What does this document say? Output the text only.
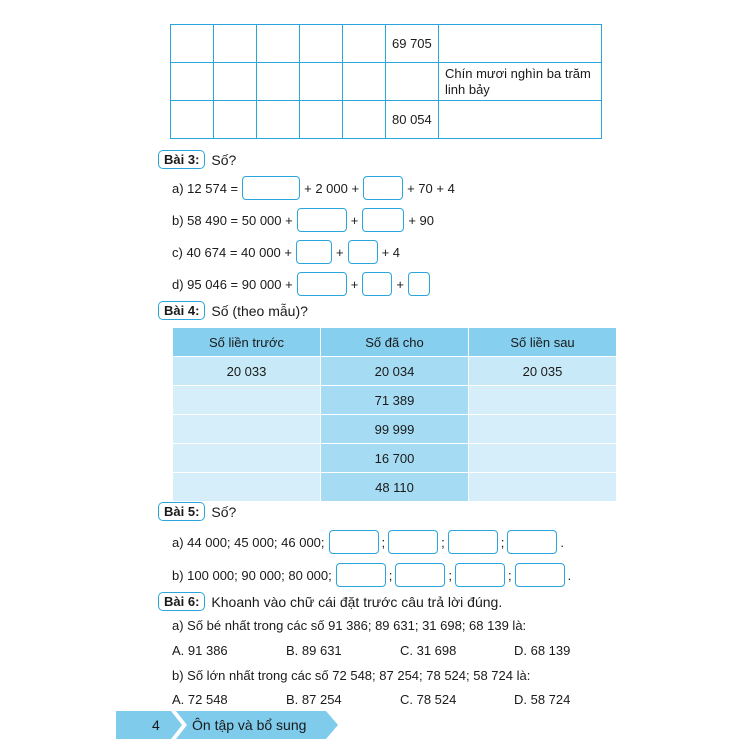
					69 705	
						Chín mươi nghìn ba trăm linh bảy
					80 054	
Bài 3: Số?
a) 12 574 =	+ 2 000 +	+ 70 + 4
b) 58 490 = 50 000 +	+	+ 90
c) 40 674 = 40 000 +	+	+ 4
d) 95 046 = 90 000 +	+	+
Bài 4: Số (theo mẫu)?
Số liền trước	Số đã cho	Số liền sau
20 033	20 034	20 035
	71 389	
	99 999	
	16 700	
	48 110	
Bài 5: Số?
a) 44 000; 45 000; 46 000;	;	;	;	.
b) 100 000; 90 000; 80 000;	;	;	;	.
Bài 6: Khoanh vào chữ cái đặt trước câu trả lời đúng.
a) Số bé nhất trong các số 91 386; 89 631; 31 698; 68 139 là:
A. 91 386	B. 89 631	C. 31 698	D. 68 139
b) Số lớn nhất trong các số 72 548; 87 254; 78 524; 58 724 là:
A. 72 548	B. 87 254	C. 78 524	D. 58 724
4 Ôn tập và bổ sung
